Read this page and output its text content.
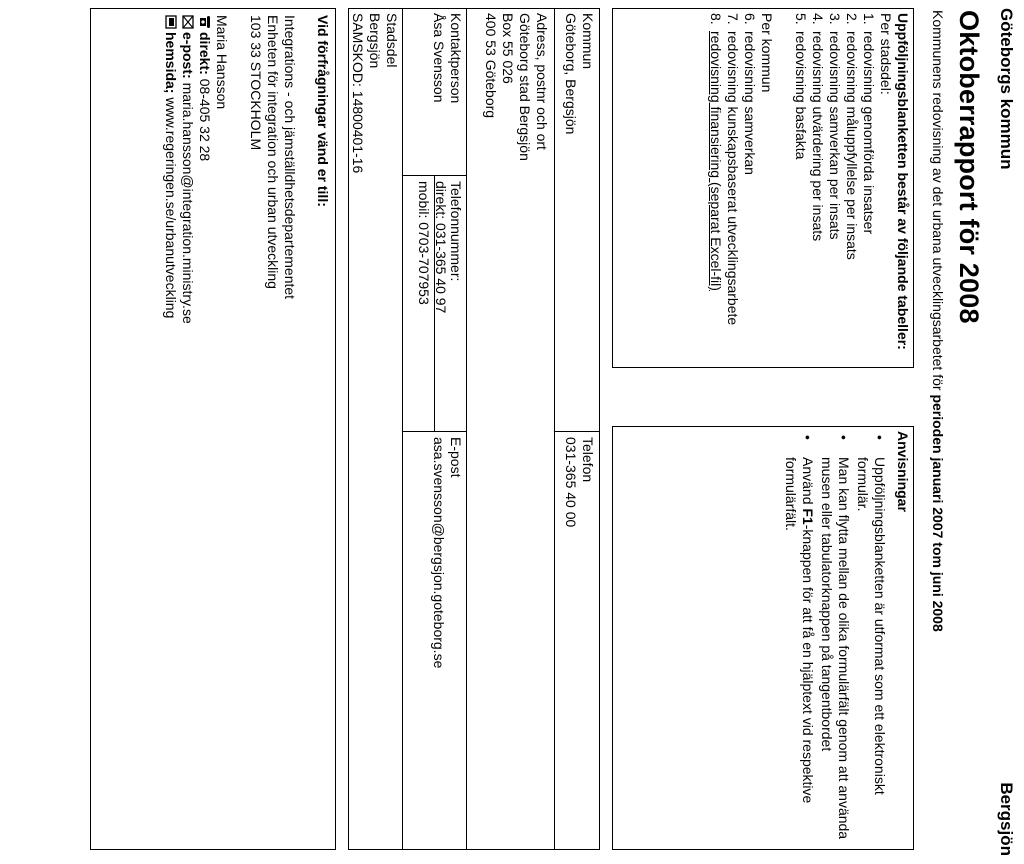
Göteborgs kommun
Bergsjön
Oktoberrapport för 2008
Kommunens redovisning av det urbana utvecklingsarbetet för perioden januari 2007 tom juni 2008
Uppföljningsblanketten består av följande tabeller:

Per stadsdel:

1.
redovisning genomförda insatser
2.
redovisning måluppfyllelse per insats
3.
redovisning samverkan per insats
4.
redovisning utvärdering per insats
5.
redovisning basfakta

Per kommun

6.
redovisning samverkan
7.
redovisning kunskapsbaserat utvecklingsarbete
8.
redovisning finansiering (separat Excel-fil)
Anvisningar
•
Uppföljningsblanketten är utformat som ett elektroniskt formulär.
•
Man kan flytta mellan de olika formulärfält genom att använda musen eller tabulatorknappen på tangentbordet
•
Använd F1-knappen för att få en hjälptext vid respektive formulärfält.
Kommun
Göteborg, Bergsjön
Telefon
031-365 40 00
Adress, postnr och ort
Göteborg stad Bergsjön
Box 55 026
400 53 Göteborg
Kontaktperson
Åsa Svensson
Telefonnummer:
direkt: 031-365 40 97
mobil: 0703-707953
E-post
asa.svensson@bergsjon.goteborg.se
Stadsdel
Bergsjön
SAMSKOD: 14800401-16
Vid förfrågningar vänd er till:
Integrations - och jämställdhetsdepartementet
Enheten för integration och urban utveckling
103 33 STOCKHOLM
Maria Hansson
direkt: 08-405 32 28
e-post: maria.hansson@integration.ministry.se
hemsida; www.regeringen.se/urbanutveckling
